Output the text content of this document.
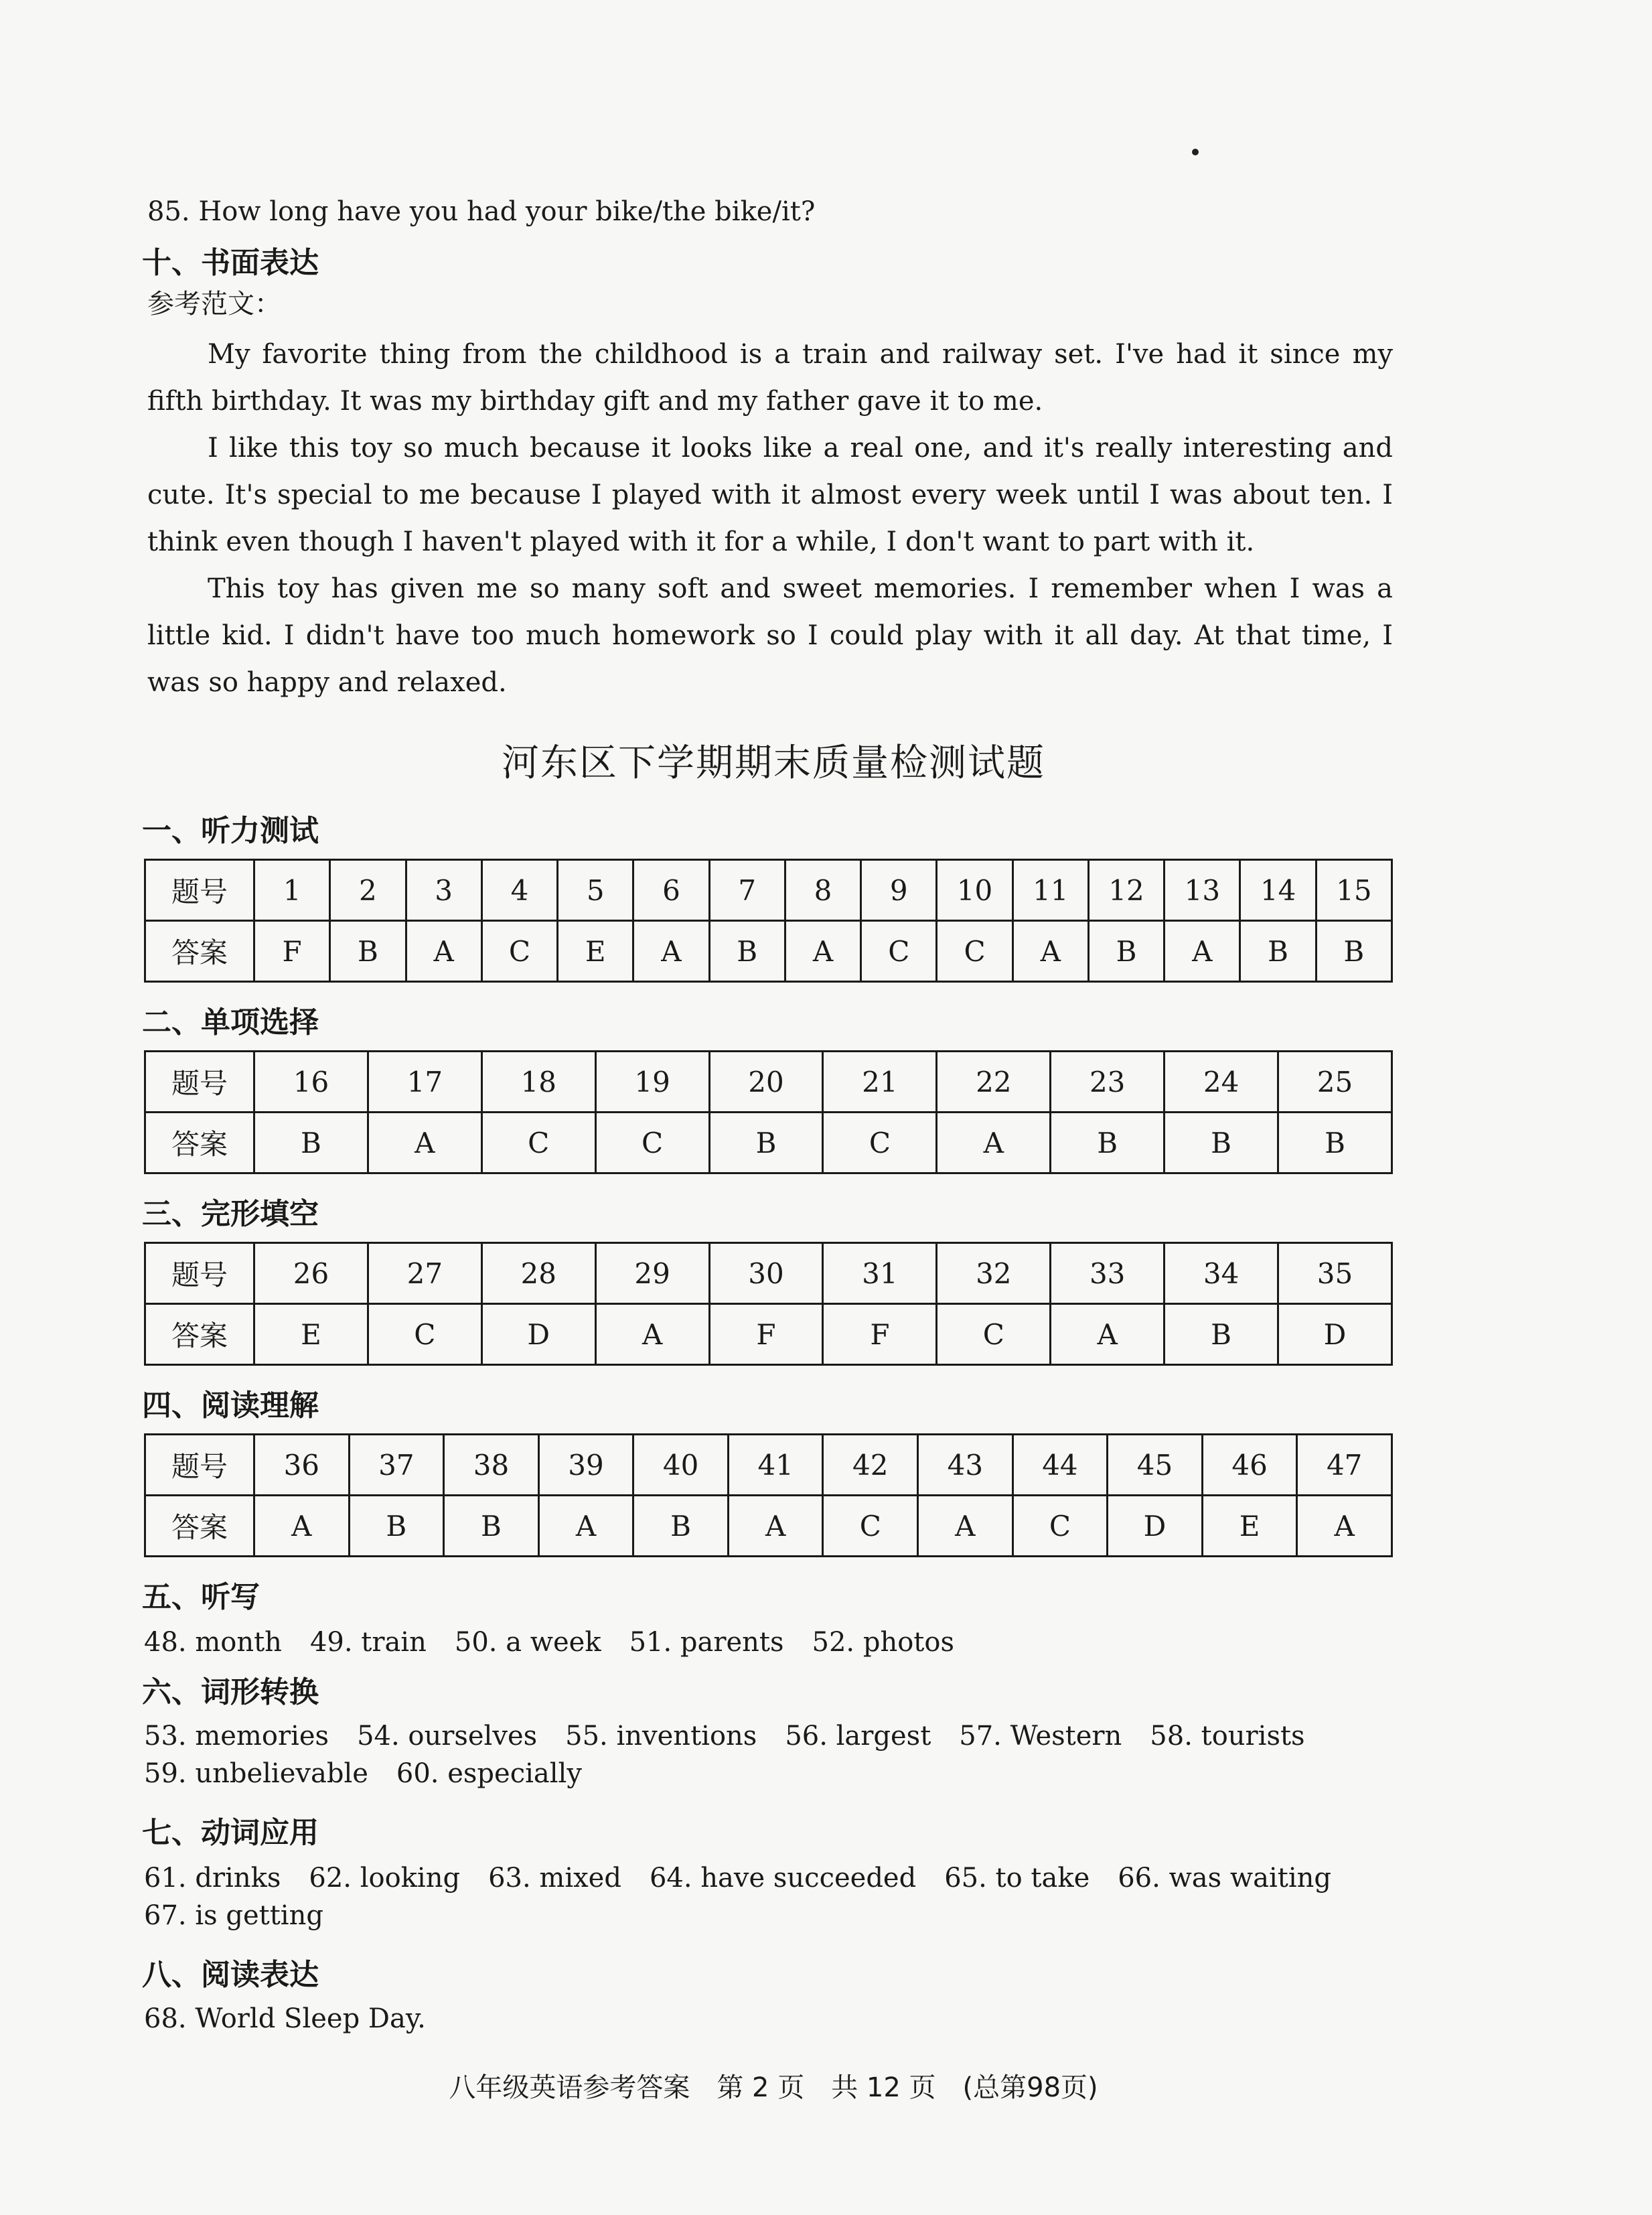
85. How long have you had your bike/the bike/it?
十、书面表达
参考范文：

My favorite thing from the childhood is a train and railway set. I've had it since my fifth birthday. It was my birthday gift and my father gave it to me.

I like this toy so much because it looks like a real one, and it's really interesting and cute. It's special to me because I played with it almost every week until I was about ten. I think even though I haven't played with it for a while, I don't want to part with it.

This toy has given me so many soft and sweet memories. I remember when I was a little kid. I didn't have too much homework so I could play with it all day. At that time, I was so happy and relaxed.

河东区下学期期末质量检测试题
一、听力测试
题号	1	2	3	4	5	6	7	8	9	10	11	12	13	14	15
答案	F	B	A	C	E	A	B	A	C	C	A	B	A	B	B
二、单项选择
题号	16	17	18	19	20	21	22	23	24	25
答案	B	A	C	C	B	C	A	B	B	B
三、完形填空
题号	26	27	28	29	30	31	32	33	34	35
答案	E	C	D	A	F	F	C	A	B	D
四、阅读理解
题号	36	37	38	39	40	41	42	43	44	45	46	47
答案	A	B	B	A	B	A	C	A	C	D	E	A
五、听写
48. month 49. train 50. a week 51. parents 52. photos
六、词形转换
53. memories 54. ourselves 55. inventions 56. largest 57. Western 58. tourists
59. unbelievable 60. especially
七、动词应用
61. drinks 62. looking 63. mixed 64. have succeeded 65. to take 66. was waiting
67. is getting
八、阅读表达
68. World Sleep Day.
八年级英语参考答案　第 2 页　共 12 页　(总第98页)
